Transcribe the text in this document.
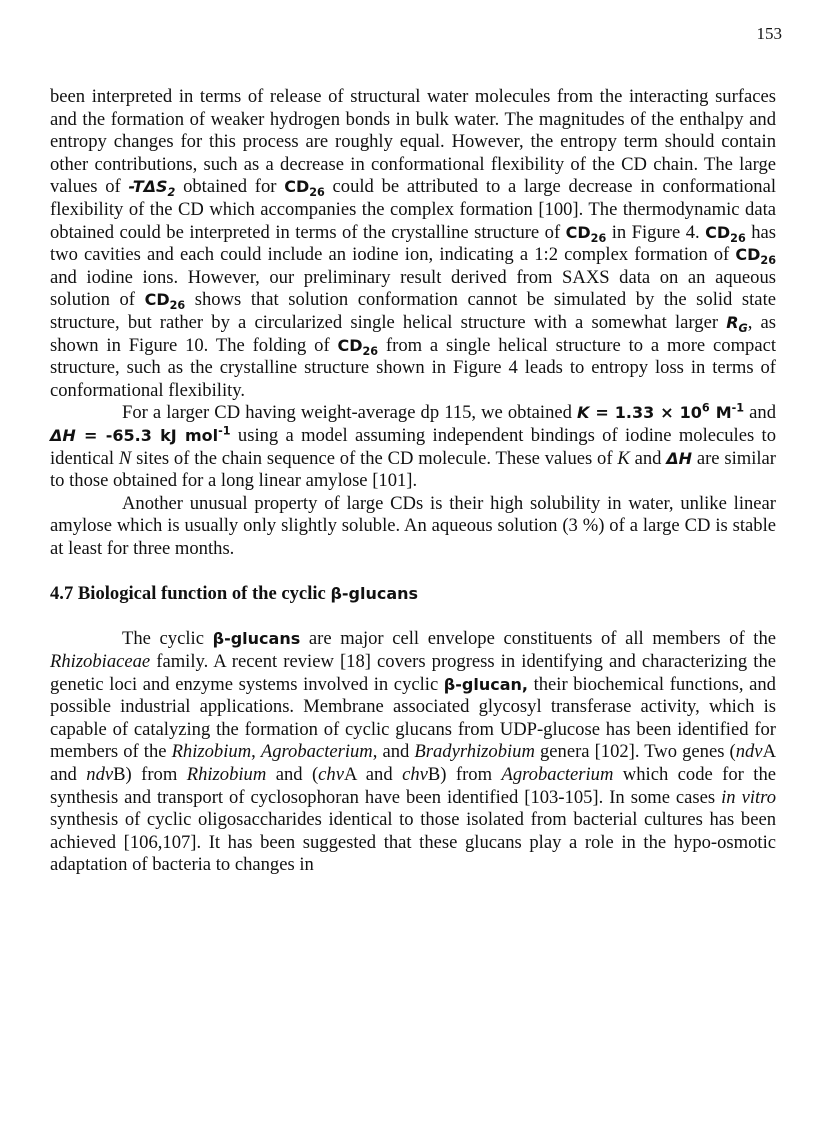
153

been interpreted in terms of release of structural water molecules from the interacting surfaces and the formation of weaker hydrogen bonds in bulk water. The magnitudes of the enthalpy and entropy changes for this process are roughly equal. However, the entropy term should contain other contributions, such as a decrease in conformational flexibility of the CD chain. The large values of $-T\Delta S_2$ obtained for $CD_{26}$ could be attributed to a large decrease in conformational flexibility of the CD which accompanies the complex formation [100]. The thermodynamic data obtained could be interpreted in terms of the crystalline structure of $CD_{26}$ in Figure 4. $CD_{26}$ has two cavities and each could include an iodine ion, indicating a 1:2 complex formation of $CD_{26}$ and iodine ions. However, our preliminary result derived from SAXS data on an aqueous solution of $CD_{26}$ shows that solution conformation cannot be simulated by the solid state structure, but rather by a circularized single helical structure with a somewhat larger $R_G$, as shown in Figure 10. The folding of $CD_{26}$ from a single helical structure to a more compact structure, such as the crystalline structure shown in Figure 4 leads to entropy loss in terms of conformational flexibility.

For a larger CD having weight-average dp 115, we obtained $K = 1.33 \times 10^6$ $M^{-1}$ and ΔH = -65.3 kJ mol$^{-1}$ using a model assuming independent bindings of iodine molecules to identical N sites of the chain sequence of the CD molecule. These values of K and ΔH are similar to those obtained for a long linear amylose [101].

Another unusual property of large CDs is their high solubility in water, unlike linear amylose which is usually only slightly soluble. An aqueous solution (3 %) of a large CD is stable at least for three months.

4.7 Biological function of the cyclic β-glucans

The cyclic β-glucans are major cell envelope constituents of all members of the Rhizobiaceae family. A recent review [18] covers progress in identifying and characterizing the genetic loci and enzyme systems involved in cyclic β-glucan, their biochemical functions, and possible industrial applications. Membrane associated glycosyl transferase activity, which is capable of catalyzing the formation of cyclic glucans from UDP-glucose has been identified for members of the Rhizobium, Agrobacterium, and Bradyrhizobium genera [102]. Two genes (ndvA and ndvB) from Rhizobium and (chvA and chvB) from Agrobacterium which code for the synthesis and transport of cyclosophoran have been identified [103-105]. In some cases in vitro synthesis of cyclic oligosaccharides identical to those isolated from bacterial cultures has been achieved [106,107]. It has been suggested that these glucans play a role in the hypo-osmotic adaptation of bacteria to changes in
